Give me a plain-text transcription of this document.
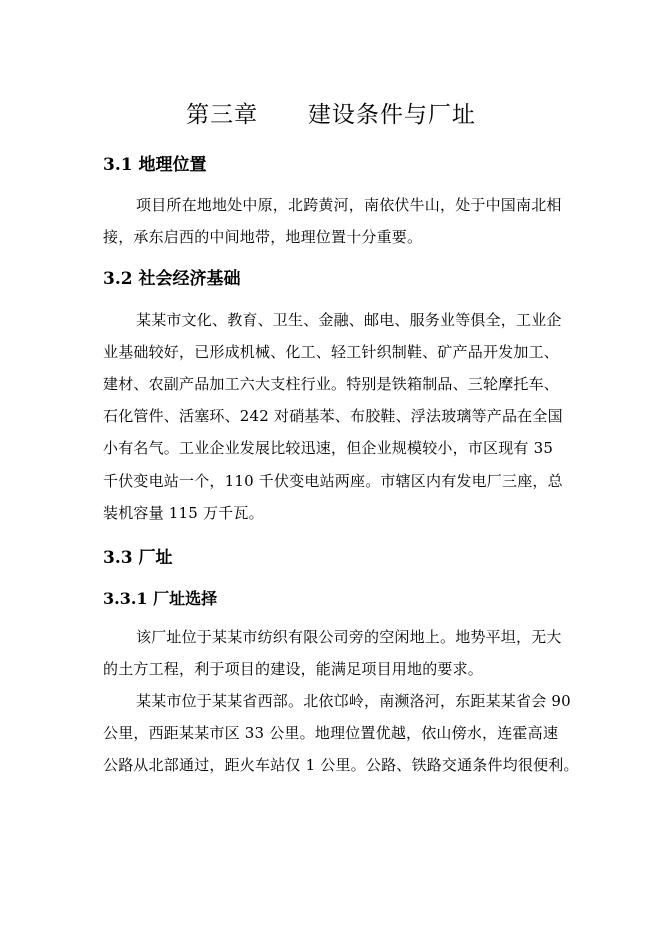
第三章      建设条件与厂址
3.1 地理位置

项目所在地地处中原，北跨黄河，南依伏牛山，处于中国南北相

接，承东启西的中间地带，地理位置十分重要。

3.2 社会经济基础

某某市文化、教育、卫生、金融、邮电、服务业等俱全，工业企

业基础较好，已形成机械、化工、轻工针织制鞋、矿产品开发加工、

建材、农副产品加工六大支柱行业。特别是铁箱制品、三轮摩托车、

石化管件、活塞环、242 对硝基苯、布胶鞋、浮法玻璃等产品在全国

小有名气。工业企业发展比较迅速，但企业规模较小，市区现有 35

千伏变电站一个，110 千伏变电站两座。市辖区内有发电厂三座，总

装机容量 115 万千瓦。

3.3 厂址
3.3.1 厂址选择

该厂址位于某某市纺织有限公司旁的空闲地上。地势平坦，无大

的土方工程，利于项目的建设，能满足项目用地的要求。

某某市位于某某省西部。北依邙岭，南濒洛河，东距某某省会 90

公里，西距某某市区 33 公里。地理位置优越，依山傍水，连霍高速

公路从北部通过，距火车站仅 1 公里。公路、铁路交通条件均很便利。
